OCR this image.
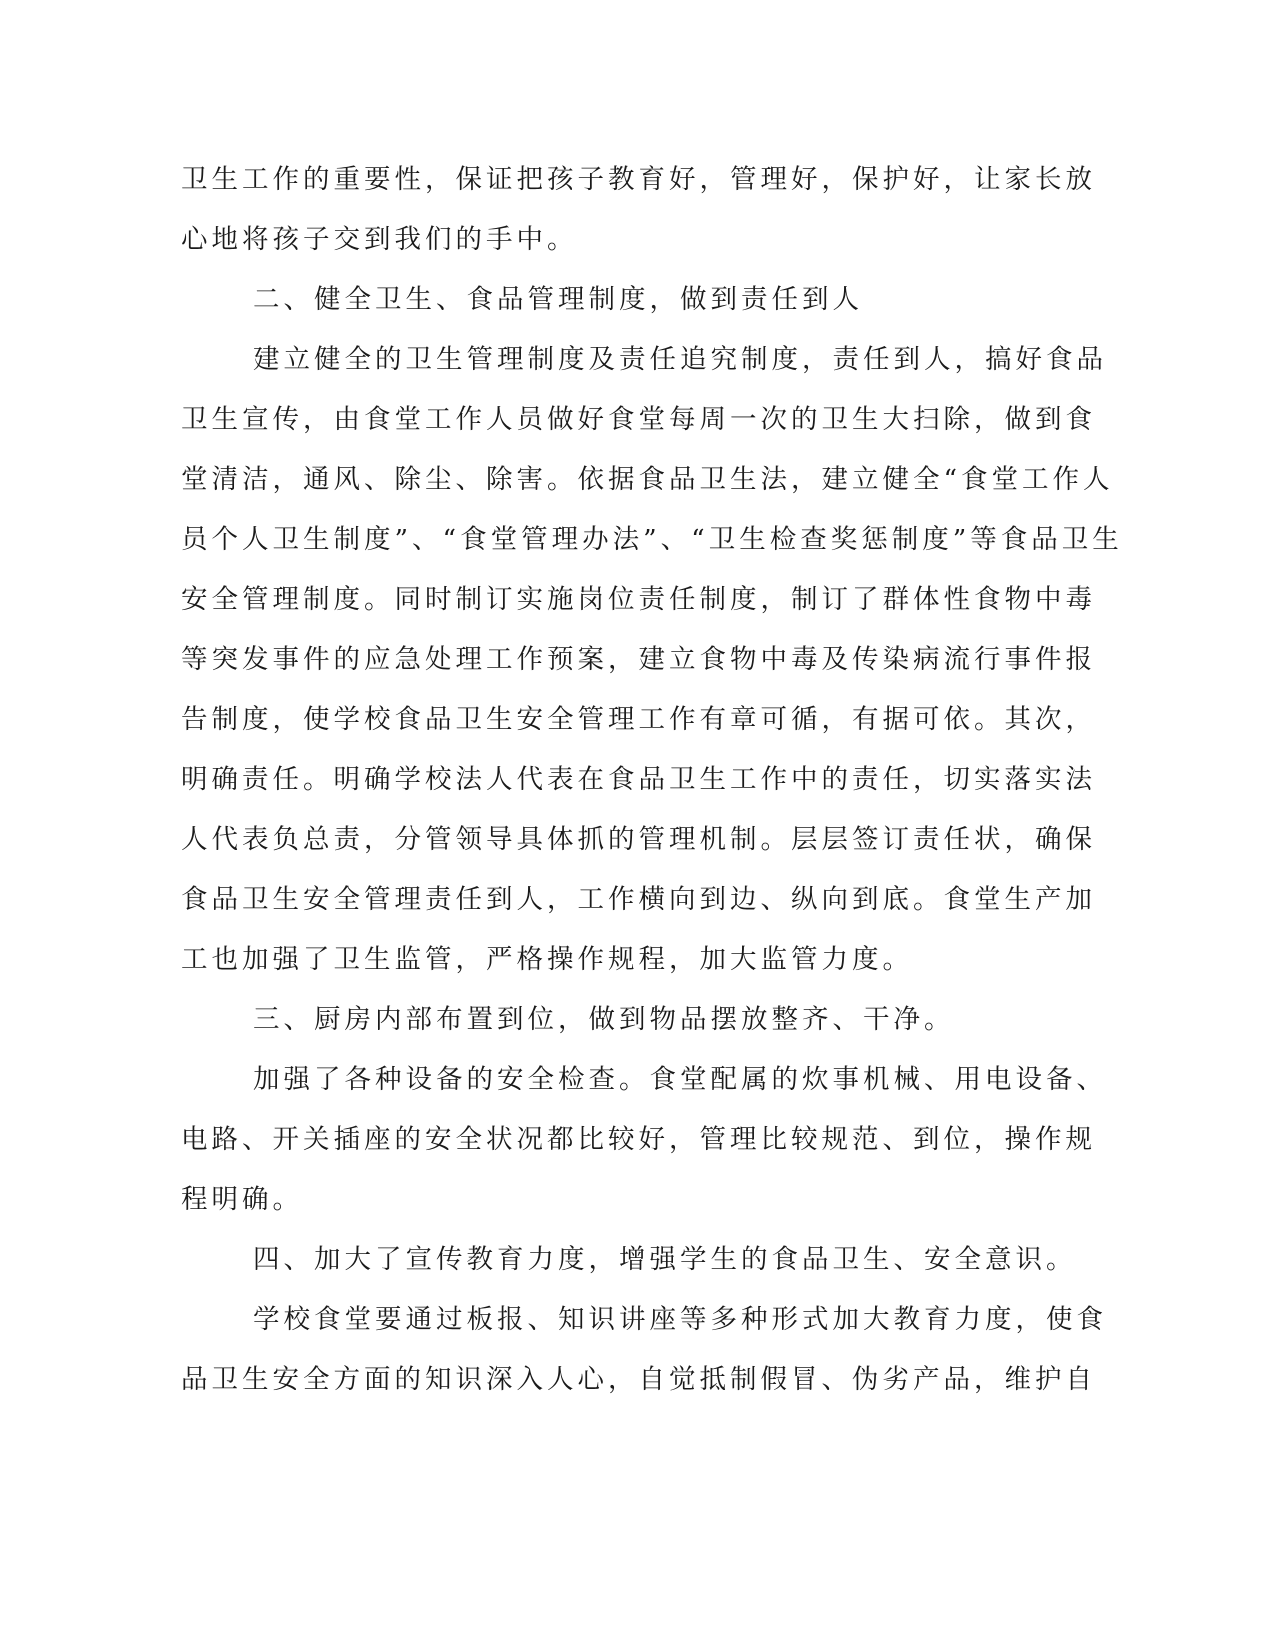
卫生工作的重要性，保证把孩子教育好，管理好，保护好，让家长放
心地将孩子交到我们的手中。
二、健全卫生、食品管理制度，做到责任到人
建立健全的卫生管理制度及责任追究制度，责任到人，搞好食品
卫生宣传，由食堂工作人员做好食堂每周一次的卫生大扫除，做到食
堂清洁，通风、除尘、除害。依据食品卫生法，建立健全“食堂工作人
员个人卫生制度”、“食堂管理办法”、“卫生检查奖惩制度”等食品卫生
安全管理制度。同时制订实施岗位责任制度，制订了群体性食物中毒
等突发事件的应急处理工作预案，建立食物中毒及传染病流行事件报
告制度，使学校食品卫生安全管理工作有章可循，有据可依。其次，
明确责任。明确学校法人代表在食品卫生工作中的责任，切实落实法
人代表负总责，分管领导具体抓的管理机制。层层签订责任状，确保
食品卫生安全管理责任到人，工作横向到边、纵向到底。食堂生产加
工也加强了卫生监管，严格操作规程，加大监管力度。
三、厨房内部布置到位，做到物品摆放整齐、干净。
加强了各种设备的安全检查。食堂配属的炊事机械、用电设备、
电路、开关插座的安全状况都比较好，管理比较规范、到位，操作规
程明确。
四、加大了宣传教育力度，增强学生的食品卫生、安全意识。
学校食堂要通过板报、知识讲座等多种形式加大教育力度，使食
品卫生安全方面的知识深入人心，自觉抵制假冒、伪劣产品，维护自
